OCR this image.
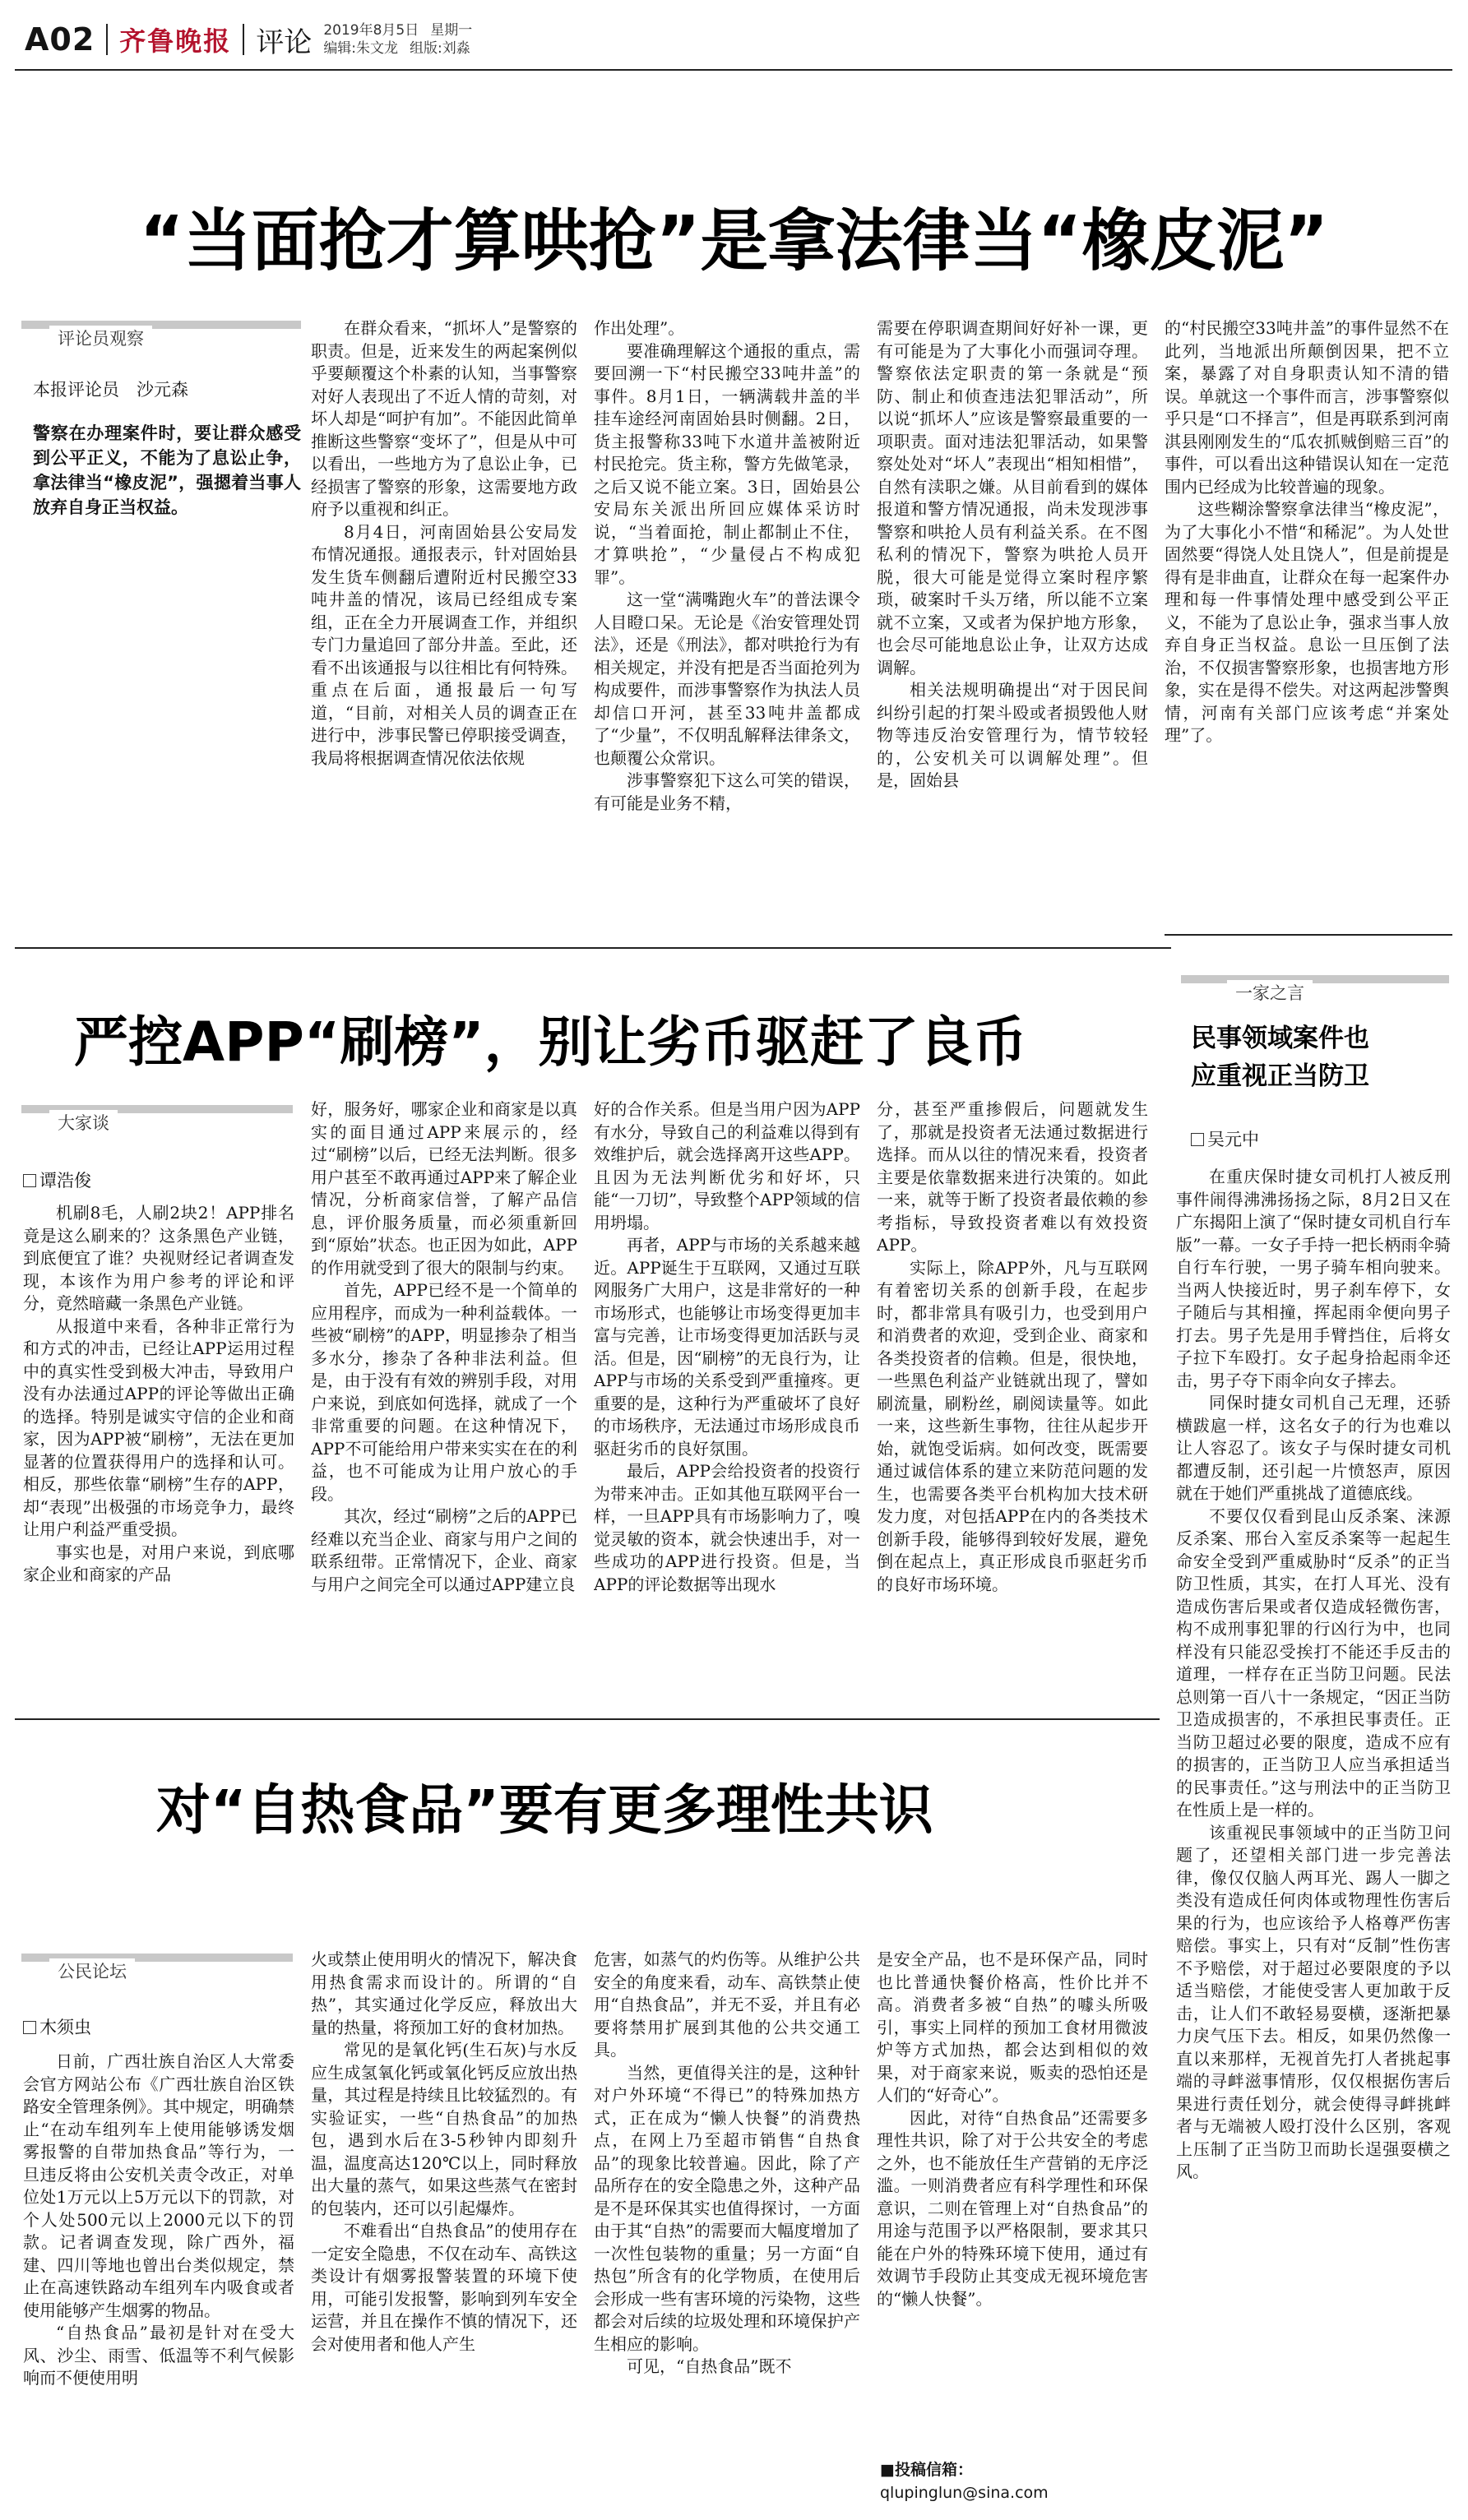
A02 齐鲁晚报 评论 2019年8月5日 星期一
编辑:朱文龙 组版:刘淼
“当面抢才算哄抢”是拿法律当“橡皮泥”
评论员观察
本报评论员　沙元森
警察在办理案件时，要让群众感受到公平正义，不能为了息讼止争，拿法律当“橡皮泥”，强摁着当事人放弃自身正当权益。

在群众看来，“抓坏人”是警察的职责。但是，近来发生的两起案例似乎要颠覆这个朴素的认知，当事警察对好人表现出了不近人情的苛刻，对坏人却是“呵护有加”。不能因此简单推断这些警察“变坏了”，但是从中可以看出，一些地方为了息讼止争，已经损害了警察的形象，这需要地方政府予以重视和纠正。

8月4日，河南固始县公安局发布情况通报。通报表示，针对固始县发生货车侧翻后遭附近村民搬空33吨井盖的情况，该局已经组成专案组，正在全力开展调查工作，并组织专门力量追回了部分井盖。至此，还看不出该通报与以往相比有何特殊。重点在后面，通报最后一句写道，“目前，对相关人员的调查正在进行中，涉事民警已停职接受调查，我局将根据调查情况依法依规

作出处理”。

要准确理解这个通报的重点，需要回溯一下“村民搬空33吨井盖”的事件。8月1日，一辆满载井盖的半挂车途经河南固始县时侧翻。2日，货主报警称33吨下水道井盖被附近村民抢完。货主称，警方先做笔录，之后又说不能立案。3日，固始县公安局东关派出所回应媒体采访时说，“当着面抢，制止都制止不住，才算哄抢”，“少量侵占不构成犯罪”。

这一堂“满嘴跑火车”的普法课令人目瞪口呆。无论是《治安管理处罚法》，还是《刑法》，都对哄抢行为有相关规定，并没有把是否当面抢列为构成要件，而涉事警察作为执法人员却信口开河，甚至33吨井盖都成了“少量”，不仅明乱解释法律条文，也颠覆公众常识。

涉事警察犯下这么可笑的错误，有可能是业务不精，

需要在停职调查期间好好补一课，更有可能是为了大事化小而强词夺理。警察依法定职责的第一条就是“预防、制止和侦查违法犯罪活动”，所以说“抓坏人”应该是警察最重要的一项职责。面对违法犯罪活动，如果警察处处对“坏人”表现出“相知相惜”，自然有渎职之嫌。从目前看到的媒体报道和警方情况通报，尚未发现涉事警察和哄抢人员有利益关系。在不图私利的情况下，警察为哄抢人员开脱，很大可能是觉得立案时程序繁琐，破案时千头万绪，所以能不立案就不立案，又或者为保护地方形象，也会尽可能地息讼止争，让双方达成调解。

相关法规明确提出“对于因民间纠纷引起的打架斗殴或者损毁他人财物等违反治安管理行为，情节较轻的，公安机关可以调解处理”。但是，固始县

的“村民搬空33吨井盖”的事件显然不在此列，当地派出所颠倒因果，把不立案，暴露了对自身职责认知不清的错误。单就这一个事件而言，涉事警察似乎只是“口不择言”，但是再联系到河南淇县刚刚发生的“瓜农抓贼倒赔三百”的事件，可以看出这种错误认知在一定范围内已经成为比较普遍的现象。

这些糊涂警察拿法律当“橡皮泥”，为了大事化小不惜“和稀泥”。为人处世固然要“得饶人处且饶人”，但是前提是得有是非曲直，让群众在每一起案件办理和每一件事情处理中感受到公平正义，不能为了息讼止争，强求当事人放弃自身正当权益。息讼一旦压倒了法治，不仅损害警察形象，也损害地方形象，实在是得不偿失。对这两起涉警舆情，河南有关部门应该考虑“并案处理”了。

严控APP“刷榜”，别让劣币驱赶了良币
大家谈
谭浩俊

机刷8毛，人刷2块2！APP排名竟是这么刷来的？这条黑色产业链，到底便宜了谁？央视财经记者调查发现，本该作为用户参考的评论和评分，竟然暗藏一条黑色产业链。

从报道中来看，各种非正常行为和方式的冲击，已经让APP运用过程中的真实性受到极大冲击，导致用户没有办法通过APP的评论等做出正确的选择。特别是诚实守信的企业和商家，因为APP被“刷榜”，无法在更加显著的位置获得用户的选择和认可。相反，那些依靠“刷榜”生存的APP，却“表现”出极强的市场竞争力，最终让用户利益严重受损。

事实也是，对用户来说，到底哪家企业和商家的产品

好，服务好，哪家企业和商家是以真实的面目通过APP来展示的，经过“刷榜”以后，已经无法判断。很多用户甚至不敢再通过APP来了解企业情况，分析商家信誉，了解产品信息，评价服务质量，而必须重新回到“原始”状态。也正因为如此，APP的作用就受到了很大的限制与约束。

首先，APP已经不是一个简单的应用程序，而成为一种利益载体。一些被“刷榜”的APP，明显掺杂了相当多水分，掺杂了各种非法利益。但是，由于没有有效的辨别手段，对用户来说，到底如何选择，就成了一个非常重要的问题。在这种情况下，APP不可能给用户带来实实在在的利益，也不可能成为让用户放心的手段。

其次，经过“刷榜”之后的APP已经难以充当企业、商家与用户之间的联系纽带。正常情况下，企业、商家与用户之间完全可以通过APP建立良

好的合作关系。但是当用户因为APP有水分，导致自己的利益难以得到有效维护后，就会选择离开这些APP。且因为无法判断优劣和好坏，只能“一刀切”，导致整个APP领域的信用坍塌。

再者，APP与市场的关系越来越近。APP诞生于互联网，又通过互联网服务广大用户，这是非常好的一种市场形式，也能够让市场变得更加丰富与完善，让市场变得更加活跃与灵活。但是，因“刷榜”的无良行为，让APP与市场的关系受到严重撞疼。更重要的是，这种行为严重破坏了良好的市场秩序，无法通过市场形成良币驱赶劣币的良好氛围。

最后，APP会给投资者的投资行为带来冲击。正如其他互联网平台一样，一旦APP具有市场影响力了，嗅觉灵敏的资本，就会快速出手，对一些成功的APP进行投资。但是，当APP的评论数据等出现水

分，甚至严重掺假后，问题就发生了，那就是投资者无法通过数据进行选择。而从以往的情况来看，投资者主要是依靠数据来进行决策的。如此一来，就等于断了投资者最依赖的参考指标，导致投资者难以有效投资APP。

实际上，除APP外，凡与互联网有着密切关系的创新手段，在起步时，都非常具有吸引力，也受到用户和消费者的欢迎，受到企业、商家和各类投资者的信赖。但是，很快地，一些黑色利益产业链就出现了，譬如刷流量，刷粉丝，刷阅读量等。如此一来，这些新生事物，往往从起步开始，就饱受诟病。如何改变，既需要通过诚信体系的建立来防范问题的发生，也需要各类平台机构加大技术研发力度，对包括APP在内的各类技术创新手段，能够得到较好发展，避免倒在起点上，真正形成良币驱赶劣币的良好市场环境。

对“自热食品”要有更多理性共识
公民论坛
木须虫

日前，广西壮族自治区人大常委会官方网站公布《广西壮族自治区铁路安全管理条例》。其中规定，明确禁止“在动车组列车上使用能够诱发烟雾报警的自带加热食品”等行为，一旦违反将由公安机关责令改正，对单位处1万元以上5万元以下的罚款，对个人处500元以上2000元以下的罚款。记者调查发现，除广西外，福建、四川等地也曾出台类似规定，禁止在高速铁路动车组列车内吸食或者使用能够产生烟雾的物品。

“自热食品”最初是针对在受大风、沙尘、雨雪、低温等不利气候影响而不便使用明

火或禁止使用明火的情况下，解决食用热食需求而设计的。所谓的“自热”，其实通过化学反应，释放出大量的热量，将预加工好的食材加热。

常见的是氧化钙(生石灰)与水反应生成氢氧化钙或氧化钙反应放出热量，其过程是持续且比较猛烈的。有实验证实，一些“自热食品”的加热包，遇到水后在3-5秒钟内即刻升温，温度高达120℃以上，同时释放出大量的蒸气，如果这些蒸气在密封的包装内，还可以引起爆炸。

不难看出“自热食品”的使用存在一定安全隐患，不仅在动车、高铁这类设计有烟雾报警装置的环境下使用，可能引发报警，影响到列车安全运营，并且在操作不慎的情况下，还会对使用者和他人产生

危害，如蒸气的灼伤等。从维护公共安全的角度来看，动车、高铁禁止使用“自热食品”，并无不妥，并且有必要将禁用扩展到其他的公共交通工具。

当然，更值得关注的是，这种针对户外环境“不得已”的特殊加热方式，正在成为“懒人快餐”的消费热点，在网上乃至超市销售“自热食品”的现象比较普遍。因此，除了产品所存在的安全隐患之外，这种产品是不是环保其实也值得探讨，一方面由于其“自热”的需要而大幅度增加了一次性包装物的重量；另一方面“自热包”所含有的化学物质，在使用后会形成一些有害环境的污染物，这些都会对后续的垃圾处理和环境保护产生相应的影响。

可见，“自热食品”既不

是安全产品，也不是环保产品，同时也比普通快餐价格高，性价比并不高。消费者多被“自热”的噱头所吸引，事实上同样的预加工食材用微波炉等方式加热，都会达到相似的效果，对于商家来说，贩卖的恐怕还是人们的“好奇心”。

因此，对待“自热食品”还需要多理性共识，除了对于公共安全的考虑之外，也不能放任生产营销的无序泛滥。一则消费者应有科学理性和环保意识，二则在管理上对“自热食品”的用途与范围予以严格限制，要求其只能在户外的特殊环境下使用，通过有效调节手段防止其变成无视环境危害的“懒人快餐”。

■投稿信箱：
qlupinglun@sina.com
一家之言
民事领域案件也
应重视正当防卫
吴元中

在重庆保时捷女司机打人被反刑事件闹得沸沸扬扬之际，8月2日又在广东揭阳上演了“保时捷女司机自行车版”一幕。一女子手持一把长柄雨伞骑自行车行驶，一男子骑车相向驶来。当两人快接近时，男子刹车停下，女子随后与其相撞，挥起雨伞便向男子打去。男子先是用手臂挡住，后将女子拉下车殴打。女子起身拾起雨伞还击，男子夺下雨伞向女子摔去。

同保时捷女司机自己无理，还骄横跋扈一样，这名女子的行为也难以让人容忍了。该女子与保时捷女司机都遭反制，还引起一片愤怒声，原因就在于她们严重挑战了道德底线。

不要仅仅看到昆山反杀案、涞源反杀案、邢台入室反杀案等一起起生命安全受到严重威胁时“反杀”的正当防卫性质，其实，在打人耳光、没有造成伤害后果或者仅造成轻微伤害，构不成刑事犯罪的行凶行为中，也同样没有只能忍受挨打不能还手反击的道理，一样存在正当防卫问题。民法总则第一百八十一条规定，“因正当防卫造成损害的，不承担民事责任。正当防卫超过必要的限度，造成不应有的损害的，正当防卫人应当承担适当的民事责任。”这与刑法中的正当防卫在性质上是一样的。

该重视民事领域中的正当防卫问题了，还望相关部门进一步完善法律，像仅仅脑人两耳光、踢人一脚之类没有造成任何肉体或物理性伤害后果的行为，也应该给予人格尊严伤害赔偿。事实上，只有对“反制”性伤害不予赔偿，对于超过必要限度的予以适当赔偿，才能使受害人更加敢于反击，让人们不敢轻易耍横，逐渐把暴力戾气压下去。相反，如果仍然像一直以来那样，无视首先打人者挑起事端的寻衅滋事情形，仅仅根据伤害后果进行责任划分，就会使得寻衅挑衅者与无端被人殴打没什么区别，客观上压制了正当防卫而助长逞强耍横之风。
